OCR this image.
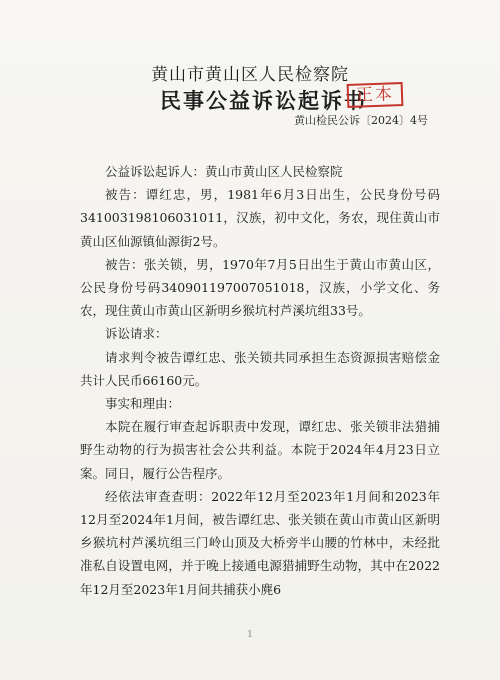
黄山市黄山区人民检察院
民事公益诉讼起诉书
正本
黄山检民公诉〔2024〕4号

公益诉讼起诉人：黄山市黄山区人民检察院

被告：谭红忠，男，1981年6月3日出生，公民身份号码341003198106031011，汉族，初中文化，务农，现住黄山市黄山区仙源镇仙源街2号。

被告：张关锁，男，1970年7月5日出生于黄山市黄山区，公民身份号码340901197007051018，汉族，小学文化、务农，现住黄山市黄山区新明乡猴坑村芦溪坑组33号。

诉讼请求：

请求判令被告谭红忠、张关锁共同承担生态资源损害赔偿金共计人民币66160元。

事实和理由：

本院在履行审查起诉职责中发现，谭红忠、张关锁非法猎捕野生动物的行为损害社会公共利益。本院于2024年4月23日立案。同日，履行公告程序。

经依法审查查明：2022年12月至2023年1月间和2023年12月至2024年1月间，被告谭红忠、张关锁在黄山市黄山区新明乡猴坑村芦溪坑组三门岭山顶及大桥旁半山腰的竹林中，未经批准私自设置电网，并于晚上接通电源猎捕野生动物，其中在2022年12月至2023年1月间共捕获小麂6

1
